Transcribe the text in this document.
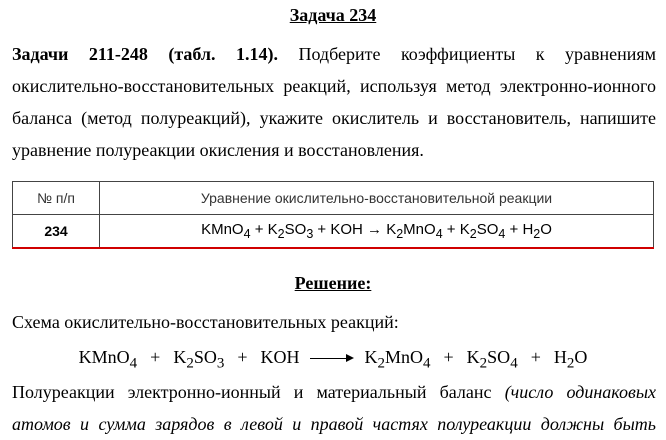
Задача 234
Задачи 211-248 (табл. 1.14). Подберите коэффициенты к уравнениям
окислительно-восстановительных реакций, используя метод электронно-ионного
баланса (метод полуреакций), укажите окислитель и восстановитель, напишите
уравнение полуреакции окисления и восстановления.
№ п/п	Уравнение окислительно-восстановительной реакции
234	KMnO$_4$ + $K_2SO_3$ + KOH → $K_2MnO_4 + K_2SO_4 + H_2O$
Решение:
Схема окислительно-восстановительных реакций:
KMnO$_4$  +  $K_2SO_3$  +  KOH	$K_2MnO_4 + K_2SO_4 + H_2O$
Полуреакции электронно-ионный и материальный баланс (число одинаковых
атомов и сумма зарядов в левой и правой частях полуреакции должны быть
